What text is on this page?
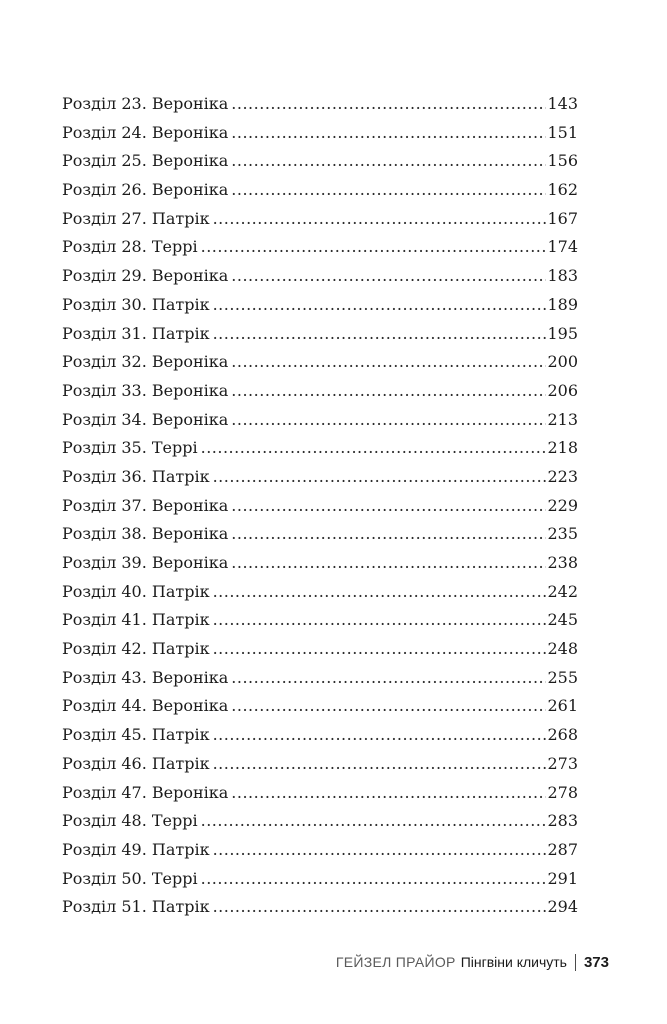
Розділ 23. Вероніка .....	143
Розділ 24. Вероніка .....	151
Розділ 25. Вероніка .....	156
Розділ 26. Вероніка .....	162
Розділ 27. Патрік .....	167
Розділ 28. Террі .....	174
Розділ 29. Вероніка .....	183
Розділ 30. Патрік .....	189
Розділ 31. Патрік .....	195
Розділ 32. Вероніка .....	200
Розділ 33. Вероніка .....	206
Розділ 34. Вероніка .....	213
Розділ 35. Террі .....	218
Розділ 36. Патрік .....	223
Розділ 37. Вероніка .....	229
Розділ 38. Вероніка .....	235
Розділ 39. Вероніка .....	238
Розділ 40. Патрік .....	242
Розділ 41. Патрік .....	245
Розділ 42. Патрік .....	248
Розділ 43. Вероніка .....	255
Розділ 44. Вероніка .....	261
Розділ 45. Патрік .....	268
Розділ 46. Патрік .....	273
Розділ 47. Вероніка .....	278
Розділ 48. Террі .....	283
Розділ 49. Патрік .....	287
Розділ 50. Террі .....	291
Розділ 51. Патрік .....	294
ГЕЙЗЕЛ ПРАЙОР Пінгвіни кличуть 373
